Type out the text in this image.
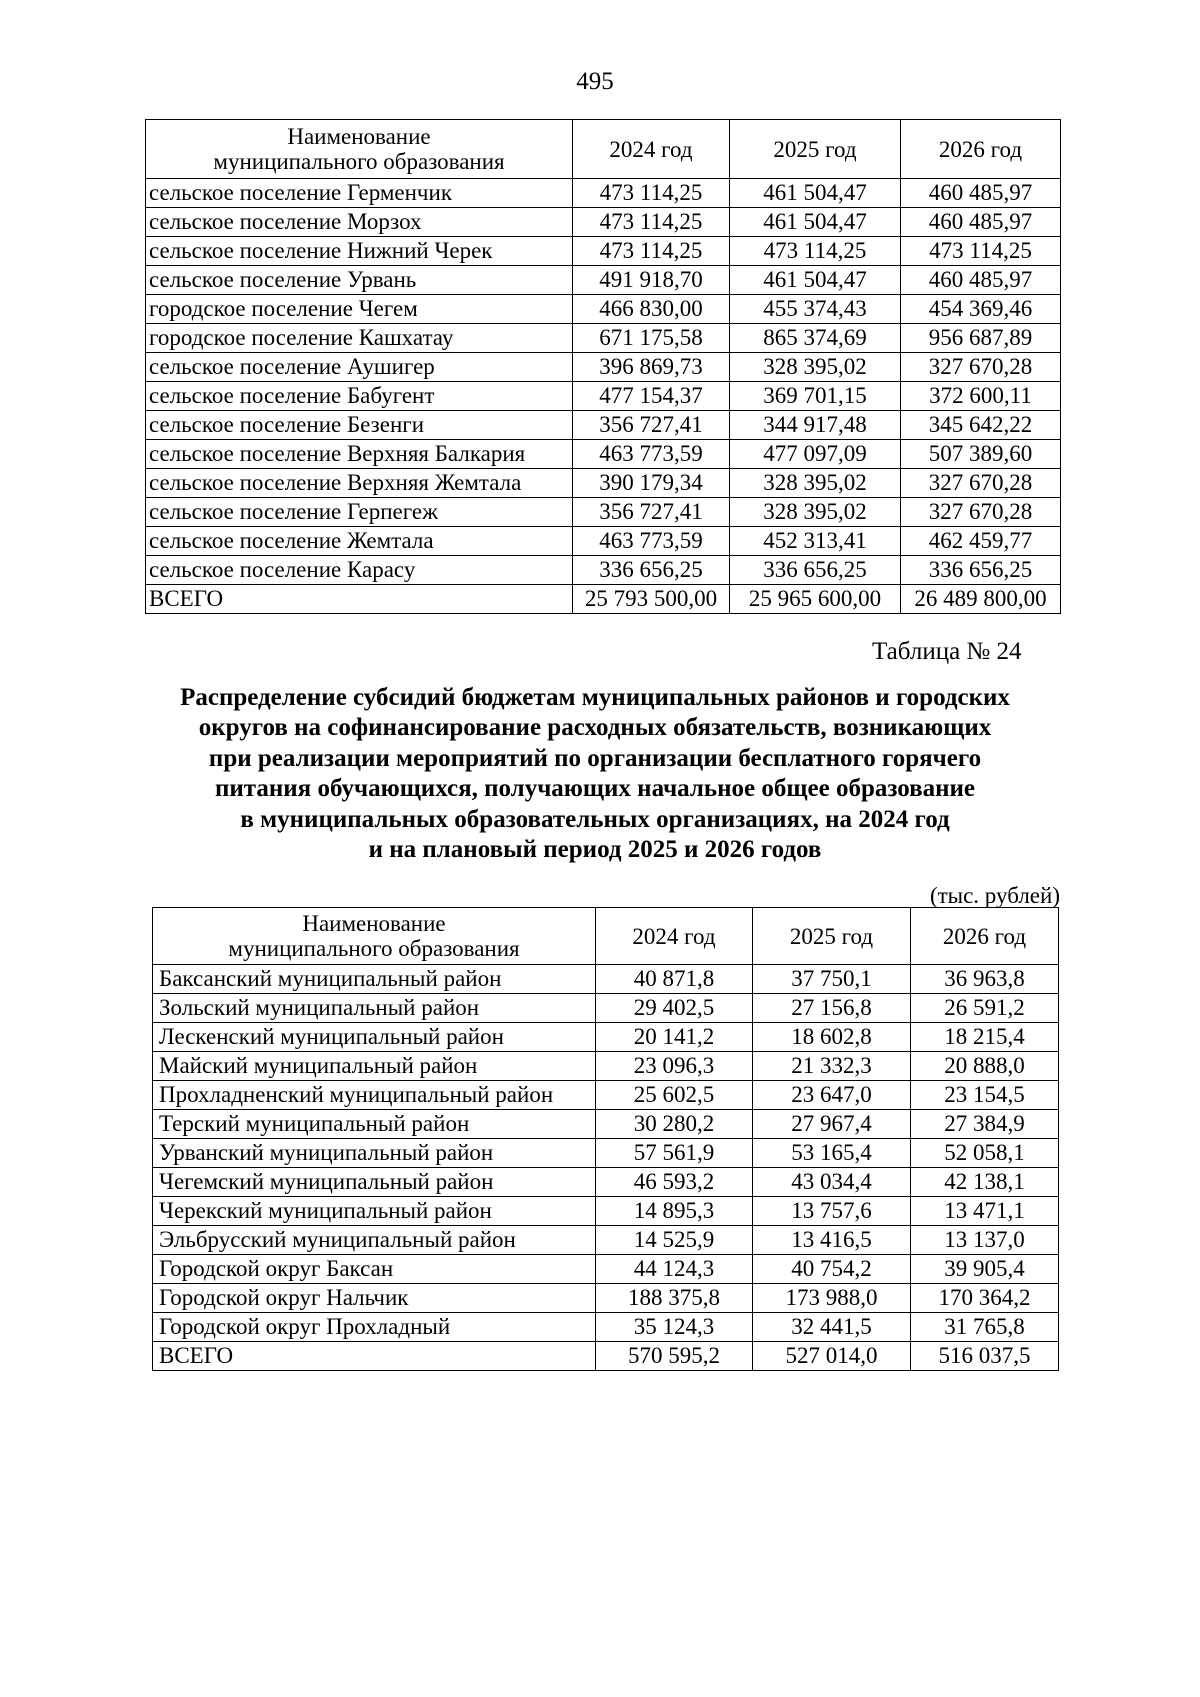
495
Наименование
муниципального образования	2024 год	2025 год	2026 год
сельское поселение Герменчик	473 114,25	461 504,47	460 485,97
сельское поселение Морзох	473 114,25	461 504,47	460 485,97
сельское поселение Нижний Черек	473 114,25	473 114,25	473 114,25
сельское поселение Урвань	491 918,70	461 504,47	460 485,97
городское поселение Чегем	466 830,00	455 374,43	454 369,46
городское поселение Кашхатау	671 175,58	865 374,69	956 687,89
сельское поселение Аушигер	396 869,73	328 395,02	327 670,28
сельское поселение Бабугент	477 154,37	369 701,15	372 600,11
сельское поселение Безенги	356 727,41	344 917,48	345 642,22
сельское поселение Верхняя Балкария	463 773,59	477 097,09	507 389,60
сельское поселение Верхняя Жемтала	390 179,34	328 395,02	327 670,28
сельское поселение Герпегеж	356 727,41	328 395,02	327 670,28
сельское поселение Жемтала	463 773,59	452 313,41	462 459,77
сельское поселение Карасу	336 656,25	336 656,25	336 656,25
ВСЕГО	25 793 500,00	25 965 600,00	26 489 800,00
Таблица № 24
Распределение субсидий бюджетам муниципальных районов и городских
округов на софинансирование расходных обязательств, возникающих
при реализации мероприятий по организации бесплатного горячего
питания обучающихся, получающих начальное общее образование
в муниципальных образовательных организациях, на 2024 год
и на плановый период 2025 и 2026 годов
(тыс. рублей)
Наименование
муниципального образования	2024 год	2025 год	2026 год
Баксанский муниципальный район	40 871,8	37 750,1	36 963,8
Зольский муниципальный район	29 402,5	27 156,8	26 591,2
Лескенский муниципальный район	20 141,2	18 602,8	18 215,4
Майский муниципальный район	23 096,3	21 332,3	20 888,0
Прохладненский муниципальный район	25 602,5	23 647,0	23 154,5
Терский муниципальный район	30 280,2	27 967,4	27 384,9
Урванский муниципальный район	57 561,9	53 165,4	52 058,1
Чегемский муниципальный район	46 593,2	43 034,4	42 138,1
Черекский муниципальный район	14 895,3	13 757,6	13 471,1
Эльбрусский муниципальный район	14 525,9	13 416,5	13 137,0
Городской округ Баксан	44 124,3	40 754,2	39 905,4
Городской округ Нальчик	188 375,8	173 988,0	170 364,2
Городской округ Прохладный	35 124,3	32 441,5	31 765,8
ВСЕГО	570 595,2	527 014,0	516 037,5
